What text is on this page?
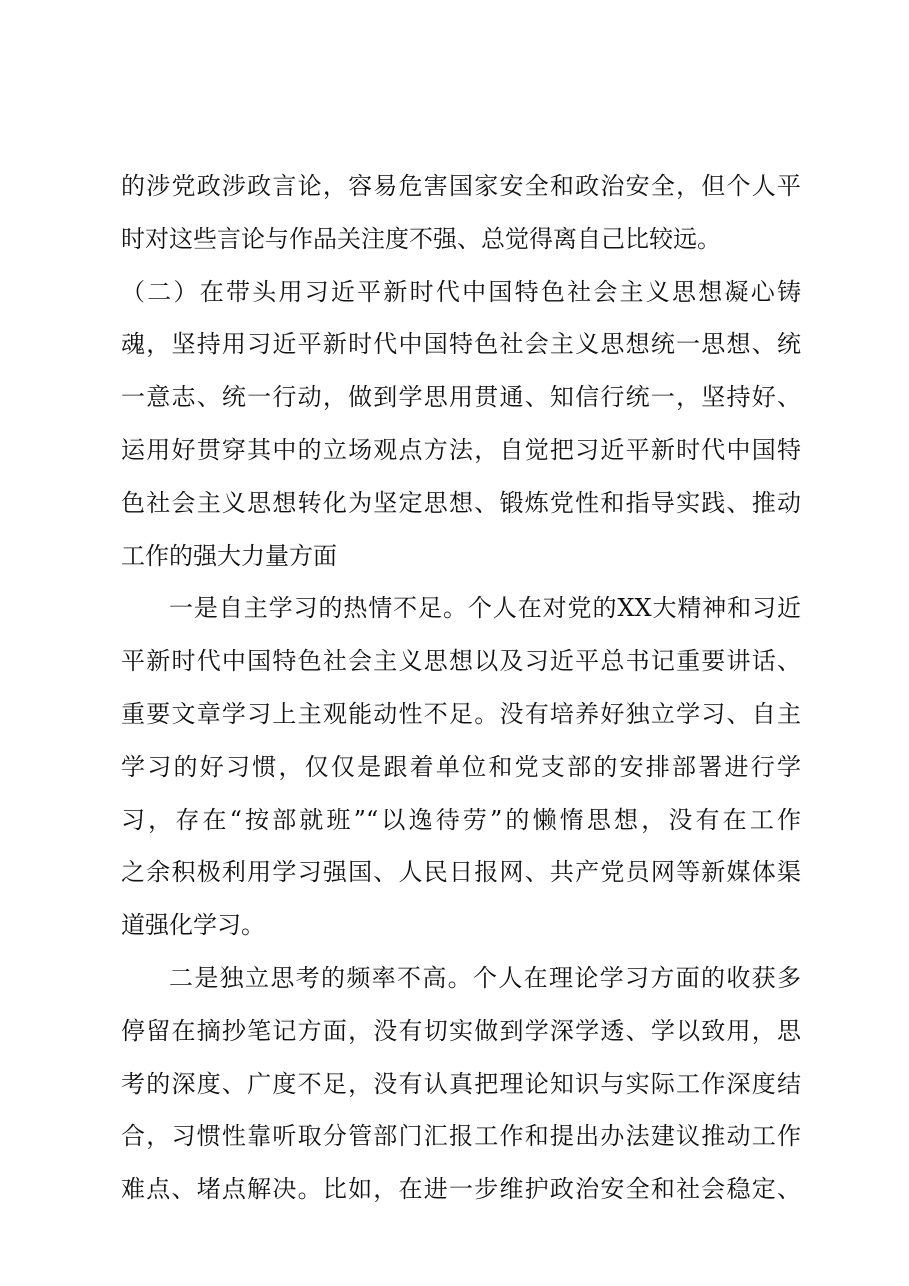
的涉党政涉政言论，容易危害国家安全和政治安全，但个人平
时对这些言论与作品关注度不强、总觉得离自己比较远。
（二）在带头用习近平新时代中国特色社会主义思想凝心铸
魂，坚持用习近平新时代中国特色社会主义思想统一思想、统
一意志、统一行动，做到学思用贯通、知信行统一，坚持好、
运用好贯穿其中的立场观点方法，自觉把习近平新时代中国特
色社会主义思想转化为坚定思想、锻炼党性和指导实践、推动
工作的强大力量方面
一是自主学习的热情不足。个人在对党的XX大精神和习近
平新时代中国特色社会主义思想以及习近平总书记重要讲话、
重要文章学习上主观能动性不足。没有培养好独立学习、自主
学习的好习惯，仅仅是跟着单位和党支部的安排部署进行学
习，存在“按部就班”“以逸待劳”的懒惰思想，没有在工作
之余积极利用学习强国、人民日报网、共产党员网等新媒体渠
道强化学习。
二是独立思考的频率不高。个人在理论学习方面的收获多
停留在摘抄笔记方面，没有切实做到学深学透、学以致用，思
考的深度、广度不足，没有认真把理论知识与实际工作深度结
合，习惯性靠听取分管部门汇报工作和提出办法建议推动工作
难点、堵点解决。比如，在进一步维护政治安全和社会稳定、
